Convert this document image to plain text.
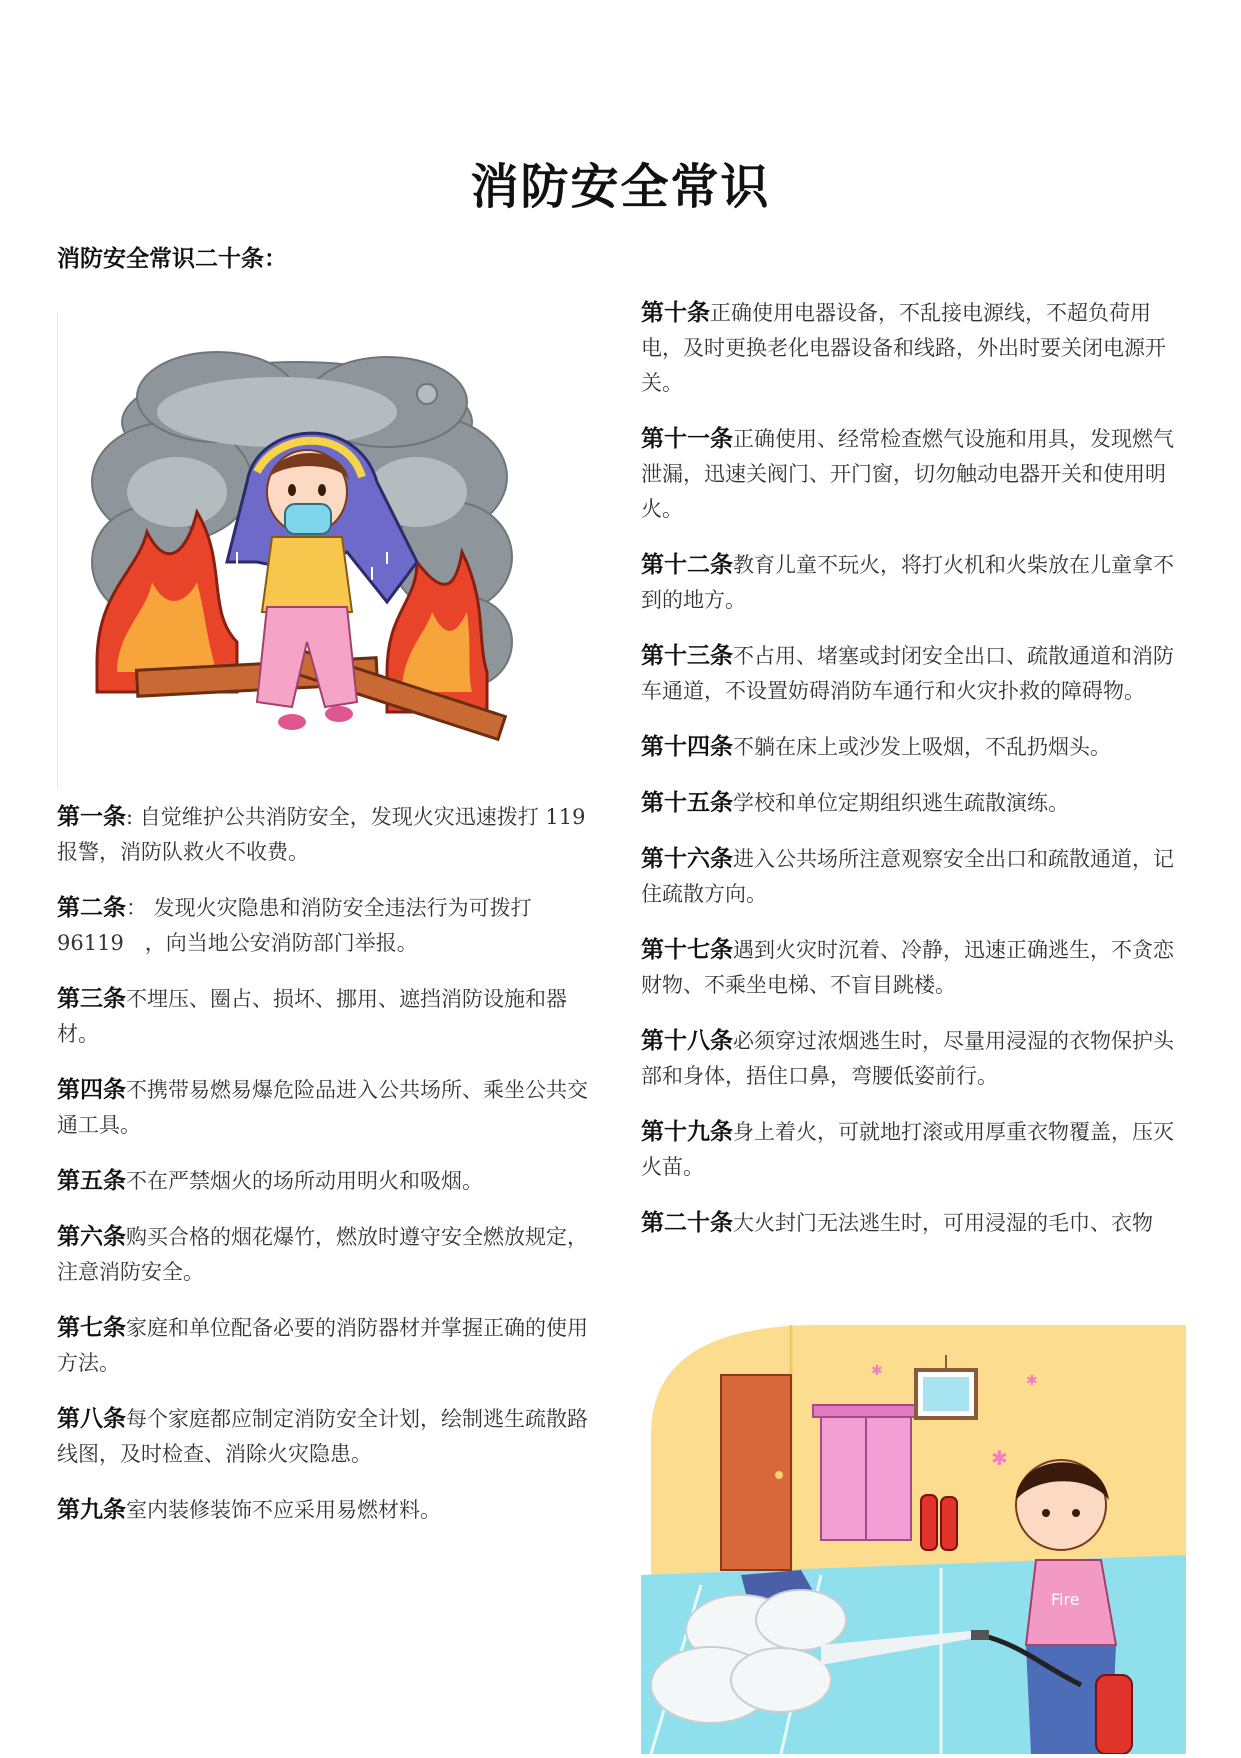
消防安全常识
消防安全常识二十条：

第一条: 自觉维护公共消防安全，发现火灾迅速拨打 119 报警，消防队救火不收费。

第二条： 发现火灾隐患和消防安全违法行为可拨打 96119　，向当地公安消防部门举报。

第三条不埋压、圈占、损坏、挪用、遮挡消防设施和器材。

第四条不携带易燃易爆危险品进入公共场所、乘坐公共交通工具。

第五条不在严禁烟火的场所动用明火和吸烟。

第六条购买合格的烟花爆竹，燃放时遵守安全燃放规定，注意消防安全。

第七条家庭和单位配备必要的消防器材并掌握正确的使用方法。

第八条每个家庭都应制定消防安全计划，绘制逃生疏散路线图，及时检查、消除火灾隐患。

第九条室内装修装饰不应采用易燃材料。

第十条正确使用电器设备，不乱接电源线，不超负荷用电，及时更换老化电器设备和线路，外出时要关闭电源开关。

第十一条正确使用、经常检查燃气设施和用具，发现燃气泄漏，迅速关阀门、开门窗，切勿触动电器开关和使用明火。

第十二条教育儿童不玩火，将打火机和火柴放在儿童拿不到的地方。

第十三条不占用、堵塞或封闭安全出口、疏散通道和消防车通道，不设置妨碍消防车通行和火灾扑救的障碍物。

第十四条不躺在床上或沙发上吸烟，不乱扔烟头。

第十五条学校和单位定期组织逃生疏散演练。

第十六条进入公共场所注意观察安全出口和疏散通道，记住疏散方向。

第十七条遇到火灾时沉着、冷静，迅速正确逃生，不贪恋财物、不乘坐电梯、不盲目跳楼。

第十八条必须穿过浓烟逃生时，尽量用浸湿的衣物保护头部和身体，捂住口鼻，弯腰低姿前行。

第十九条身上着火，可就地打滚或用厚重衣物覆盖，压灭火苗。

第二十条大火封门无法逃生时，可用浸湿的毛巾、衣物

✱
✱
✱
Fire
